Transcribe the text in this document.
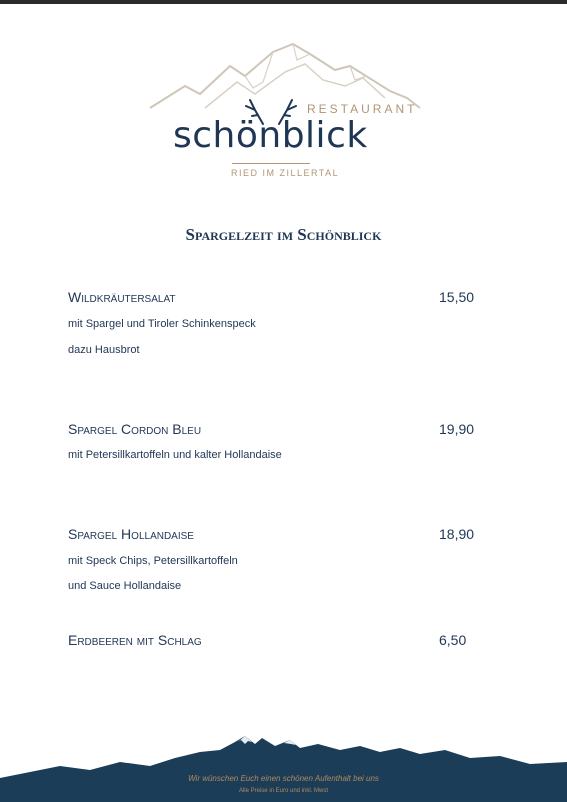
RESTAURANT
schönblick
RIED IM ZILLERTAL
Spargelzeit im Schönblick
Wildkräutersalat	15,50
mit Spargel und Tiroler Schinkenspeck
dazu Hausbrot
Spargel Cordon Bleu	19,90
mit Petersillkartoffeln und kalter Hollandaise
Spargel Hollandaise	18,90
mit Speck Chips, Petersillkartoffeln
und Sauce Hollandaise
Erdbeeren mit Schlag	6,50
Wir wünschen Euch einen schönen Aufenthalt bei uns
Alle Preise in Euro und inkl. Mwst
